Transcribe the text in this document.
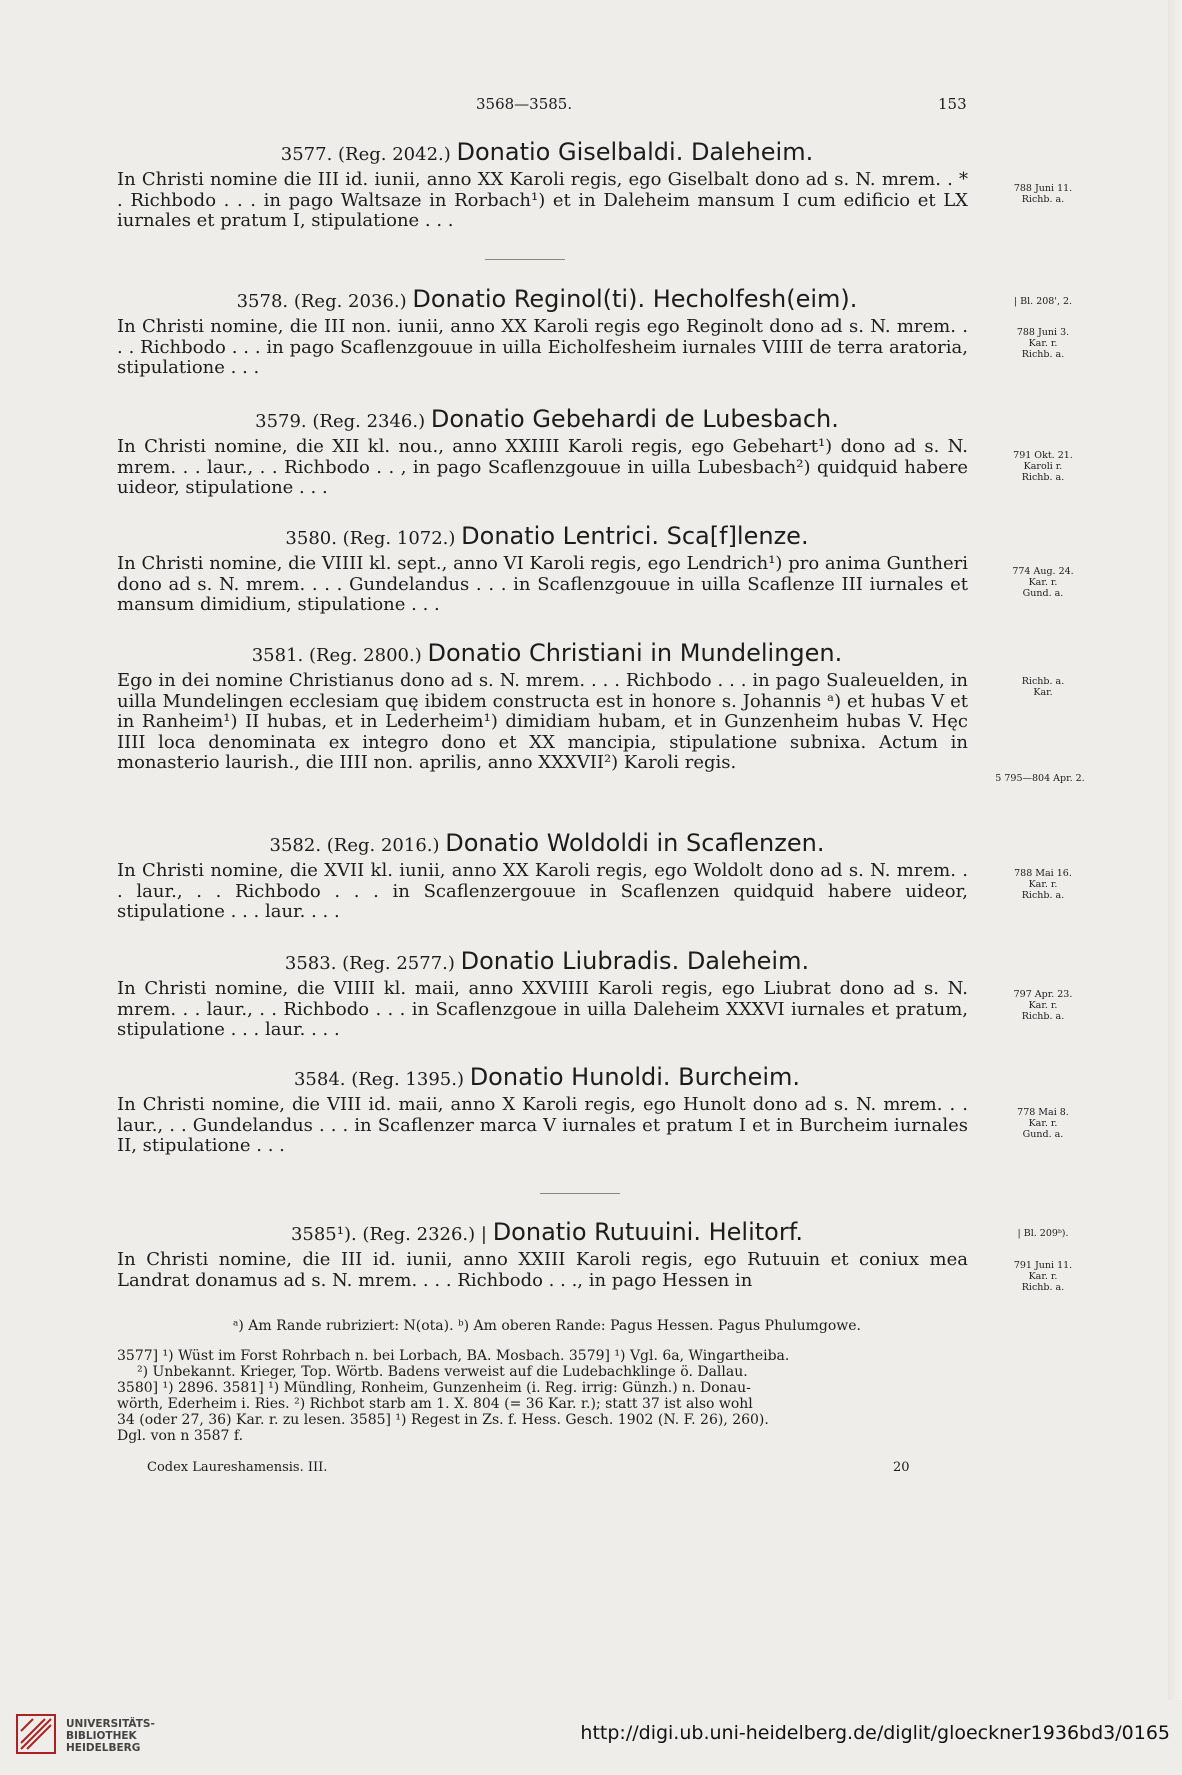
3568—3585.	153
3577. (Reg. 2042.) Donatio Giselbaldi. Daleheim.
In Christi nomine die III id. iunii, anno XX Karoli regis, ego Giselbalt dono ad s. N. mrem. . * . Richbodo . . . in pago Waltsaze in Rorbach¹) et in Daleheim mansum I cum edificio et LX iurnales et pratum I, stipulatione . . .
788 Juni 11.
Richb. a.
| Bl. 208', 2.
3578. (Reg. 2036.) Donatio Reginol(ti). Hecholfesh(eim).
In Christi nomine, die III non. iunii, anno XX Karoli regis ego Reginolt dono ad s. N. mrem. . . . Richbodo . . . in pago Scaflenzgouue in uilla Eicholfesheim iurnales VIIII de terra aratoria, stipulatione . . .
788 Juni 3.
Kar. r.
Richb. a.
3579. (Reg. 2346.) Donatio Gebehardi de Lubesbach.
In Christi nomine, die XII kl. nou., anno XXIIII Karoli regis, ego Gebehart¹) dono ad s. N. mrem. . . laur., . . Richbodo . . , in pago Scaflenzgouue in uilla Lubesbach²) quidquid habere uideor, stipulatione . . .
791 Okt. 21.
Karoli r.
Richb. a.
3580. (Reg. 1072.) Donatio Lentrici. Sca[f]lenze.
In Christi nomine, die VIIII kl. sept., anno VI Karoli regis, ego Lendrich¹) pro anima Guntheri dono ad s. N. mrem. . . . Gundelandus . . . in Scaflenzgouue in uilla Scaflenze III iurnales et mansum dimidium, stipulatione . . .
774 Aug. 24.
Kar. r.
Gund. a.
3581. (Reg. 2800.) Donatio Christiani in Mundelingen.
Ego in dei nomine Christianus dono ad s. N. mrem. . . . Richbodo . . . in pago Sualeuelden, in uilla Mundelingen ecclesiam quę ibidem constructa est in honore s. Johannis ᵃ) et hubas V et in Ranheim¹) II hubas, et in Lederheim¹) dimidiam hubam, et in Gunzenheim hubas V. Hęc IIII loca denominata ex integro dono et XX mancipia, stipulatione subnixa. Actum in monasterio laurish., die IIII non. aprilis, anno XXXVII²) Karoli regis.
Richb. a.
Kar.
5 795—804 Apr. 2.
3582. (Reg. 2016.) Donatio Woldoldi in Scaflenzen.
In Christi nomine, die XVII kl. iunii, anno XX Karoli regis, ego Woldolt dono ad s. N. mrem. . . laur., . . Richbodo . . . in Scaflenzergouue in Scaflenzen quidquid habere uideor, stipulatione . . . laur. . . .
788 Mai 16.
Kar. r.
Richb. a.
3583. (Reg. 2577.) Donatio Liubradis. Daleheim.
In Christi nomine, die VIIII kl. maii, anno XXVIIII Karoli regis, ego Liubrat dono ad s. N. mrem. . . laur., . . Richbodo . . . in Scaflenzgoue in uilla Daleheim XXXVI iurnales et pratum, stipulatione . . . laur. . . .
797 Apr. 23.
Kar. r.
Richb. a.
3584. (Reg. 1395.) Donatio Hunoldi. Burcheim.
In Christi nomine, die VIII id. maii, anno X Karoli regis, ego Hunolt dono ad s. N. mrem. . . laur., . . Gundelandus . . . in Scaflenzer marca V iurnales et pratum I et in Burcheim iurnales II, stipulatione . . .
778 Mai 8.
Kar. r.
Gund. a.
| Bl. 209ᵇ).
3585¹). (Reg. 2326.) | Donatio Rutuuini. Helitorf.
In Christi nomine, die III id. iunii, anno XXIII Karoli regis, ego Rutuuin et coniux mea Landrat donamus ad s. N. mrem. . . . Richbodo . . ., in pago Hessen in
791 Juni 11.
Kar. r.
Richb. a.
ᵃ) Am Rande rubriziert: N(ota). ᵇ) Am oberen Rande: Pagus Hessen. Pagus Phulumgowe.
3577] ¹) Wüst im Forst Rohrbach n. bei Lorbach, BA. Mosbach. 3579] ¹) Vgl. 6a, Wingartheiba.
²) Unbekannt. Krieger, Top. Wörtb. Badens verweist auf die Ludebachklinge ö. Dallau.
3580] ¹) 2896. 3581] ¹) Mündling, Ronheim, Gunzenheim (i. Reg. irrig: Günzh.) n. Donau-
wörth, Ederheim i. Ries. ²) Richbot starb am 1. X. 804 (= 36 Kar. r.); statt 37 ist also wohl
34 (oder 27, 36) Kar. r. zu lesen. 3585] ¹) Regest in Zs. f. Hess. Gesch. 1902 (N. F. 26), 260).
Dgl. von n 3587 f.
Codex Laureshamensis. III.	20
UNIVERSITÄTS-
BIBLIOTHEK
HEIDELBERG
http://digi.ub.uni-heidelberg.de/diglit/gloeckner1936bd3/0165
